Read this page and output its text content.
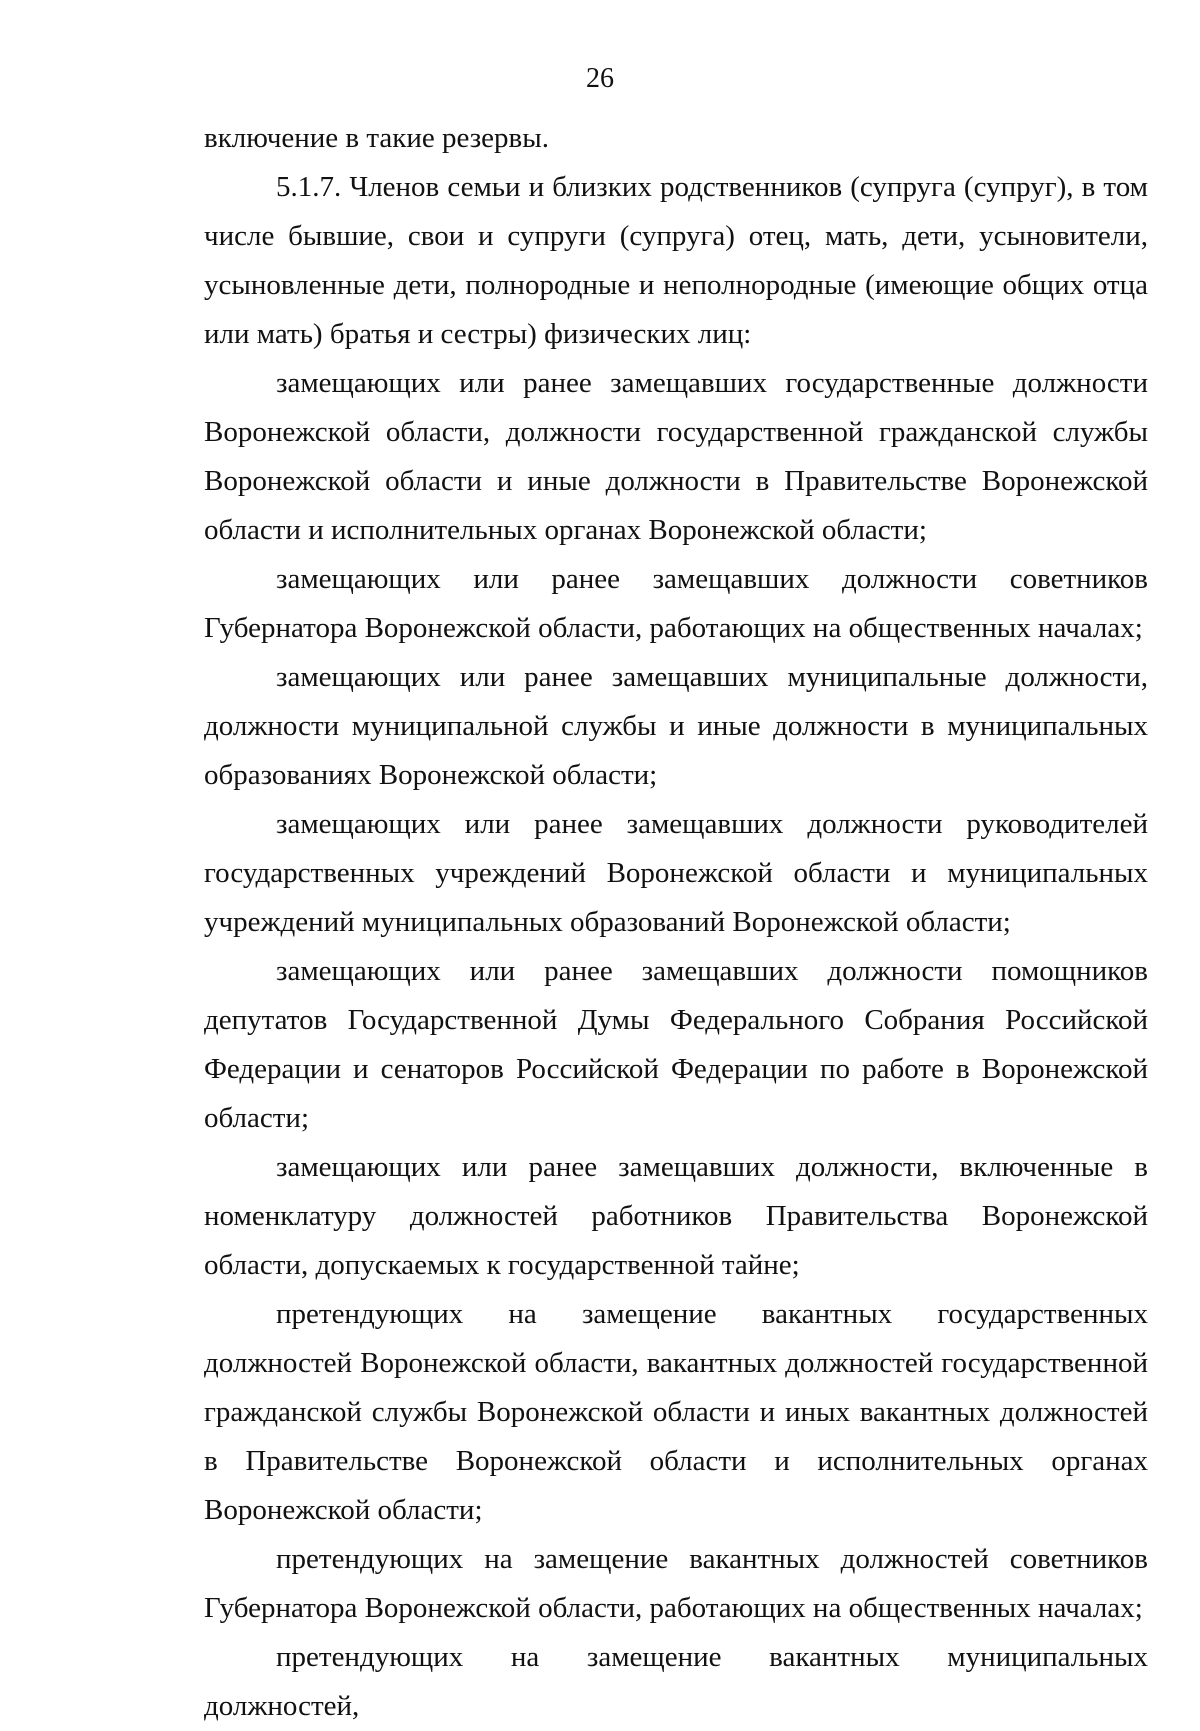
26

включение в такие резервы.

5.1.7. Членов семьи и близких родственников (супруга (супруг), в том числе бывшие, свои и супруги (супруга) отец, мать, дети, усыновители, усыновленные дети, полнородные и неполнородные (имеющие общих отца или мать) братья и сестры) физических лиц:

замещающих или ранее замещавших государственные должности Воронежской области, должности государственной гражданской службы Воронежской области и иные должности в Правительстве Воронежской области и исполнительных органах Воронежской области;

замещающих или ранее замещавших должности советников Губернатора Воронежской области, работающих на общественных началах;

замещающих или ранее замещавших муниципальные должности, должности муниципальной службы и иные должности в муниципальных образованиях Воронежской области;

замещающих или ранее замещавших должности руководителей государственных учреждений Воронежской области и муниципальных учреждений муниципальных образований Воронежской области;

замещающих или ранее замещавших должности помощников депутатов Государственной Думы Федерального Собрания Российской Федерации и сенаторов Российской Федерации по работе в Воронежской области;

замещающих или ранее замещавших должности, включенные в номенклатуру должностей работников Правительства Воронежской области, допускаемых к государственной тайне;

претендующих на замещение вакантных государственных должностей Воронежской области, вакантных должностей государственной гражданской службы Воронежской области и иных вакантных должностей в Правительстве Воронежской области и исполнительных органах Воронежской области;

претендующих на замещение вакантных должностей советников Губернатора Воронежской области, работающих на общественных началах;

претендующих на замещение вакантных муниципальных должностей,
